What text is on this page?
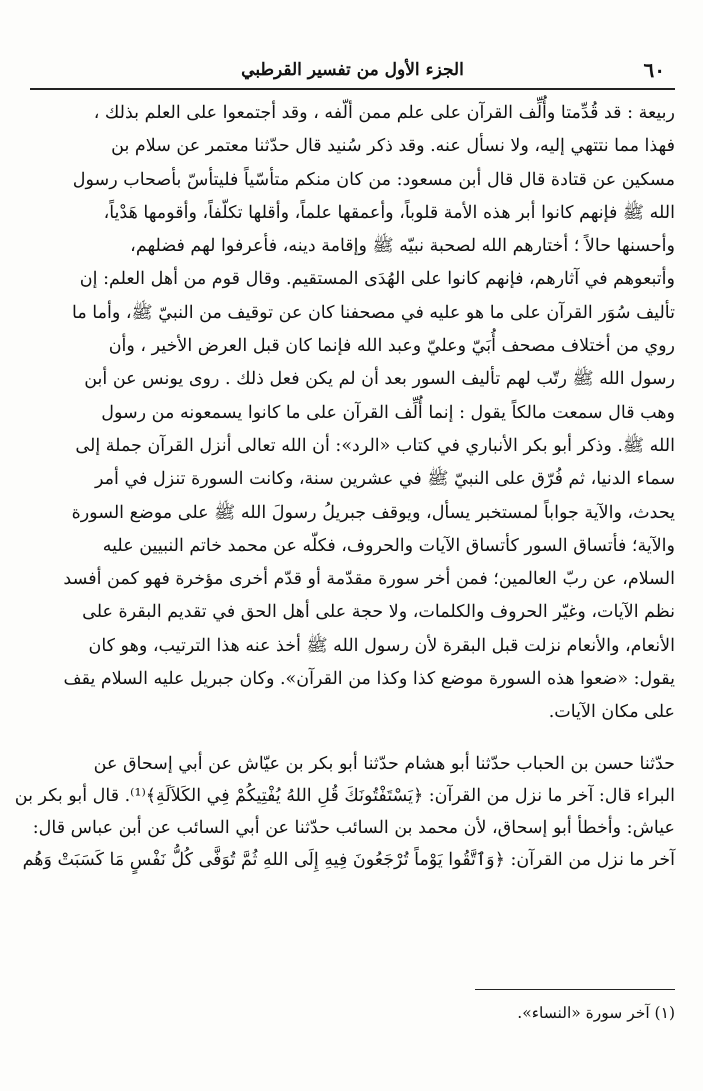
٦٠
الجزء الأول من تفسير القرطبي
ربيعة : قد قُدِّمتا وأُلِّف القرآن على علم ممن ألّفه ، وقد أجتمعوا على العلم بذلك ،
فهذا مما نتتهي إليه، ولا نسأل عنه. وقد ذكر سُنيد قال حدّثنا معتمر عن سلام بن
مسكين عن قتادة قال قال أبن مسعود: من كان منكم متأسّياً فليتأسّ بأصحاب رسول
الله ﷺ فإنهم كانوا أبر هذه الأمة قلوباً، وأعمقها علماً، وأقلها تكلّفاً، وأقومها هَدْياً،
وأحسنها حالاً ؛ أختارهم الله لصحبة نبيّه ﷺ وإقامة دينه، فأعرفوا لهم فضلهم،
وأتبعوهم في آثارهم، فإنهم كانوا على الهُدَى المستقيم. وقال قوم من أهل العلم: إن
تأليف سُوَر القرآن على ما هو عليه في مصحفنا كان عن توقيف من النبيّ ﷺ، وأما ما
روي من أختلاف مصحف أُبَيّ وعليّ وعبد الله فإنما كان قبل العرض الأخير ، وأن
رسول الله ﷺ رتّب لهم تأليف السور بعد أن لم يكن فعل ذلك . روى يونس عن أبن
وهب قال سمعت مالكاً يقول : إنما أُلِّف القرآن على ما كانوا يسمعونه من رسول
الله ﷺ. وذكر أبو بكر الأنباري في كتاب «الرد»: أن الله تعالى أنزل القرآن جملة إلى
سماء الدنيا، ثم فُرّق على النبيّ ﷺ في عشرين سنة، وكانت السورة تنزل في أمر
يحدث، والآية جواباً لمستخبر يسأل، ويوقف جبريلُ رسولَ الله ﷺ على موضع السورة
والآية؛ فأتساق السور كأتساق الآيات والحروف، فكلّه عن محمد خاتم النبيين عليه
السلام، عن ربّ العالمين؛ فمن أخر سورة مقدّمة أو قدّم أخرى مؤخرة فهو كمن أفسد
نظم الآيات، وغيّر الحروف والكلمات، ولا حجة على أهل الحق في تقديم البقرة على
الأنعام، والأنعام نزلت قبل البقرة لأن رسول الله ﷺ أخذ عنه هذا الترتيب، وهو كان
يقول: «ضعوا هذه السورة موضع كذا وكذا من القرآن». وكان جبريل عليه السلام يقف
على مكان الآيات.
حدّثنا حسن بن الحباب حدّثنا أبو هشام حدّثنا أبو بكر بن عيّاش عن أبي إسحاق عن
البراء قال: آخر ما نزل من القرآن: ﴿يَسْتَفْتُونَكَ قُلِ اللهُ يُفْتِيكُمْ فِي الكَلاَلَةِ﴾⁽¹⁾. قال أبو بكر بن
عياش: وأخطأ أبو إسحاق، لأن محمد بن السائب حدّثنا عن أبي السائب عن أبن عباس قال:
آخر ما نزل من القرآن: ﴿وَٱتَّقُوا يَوْماً تُرْجَعُونَ فِيهِ إِلَى اللهِ ثُمَّ تُوَفَّى كُلُّ نَفْسٍ مَا كَسَبَتْ وَهُم
(١) آخر سورة «النساء».
